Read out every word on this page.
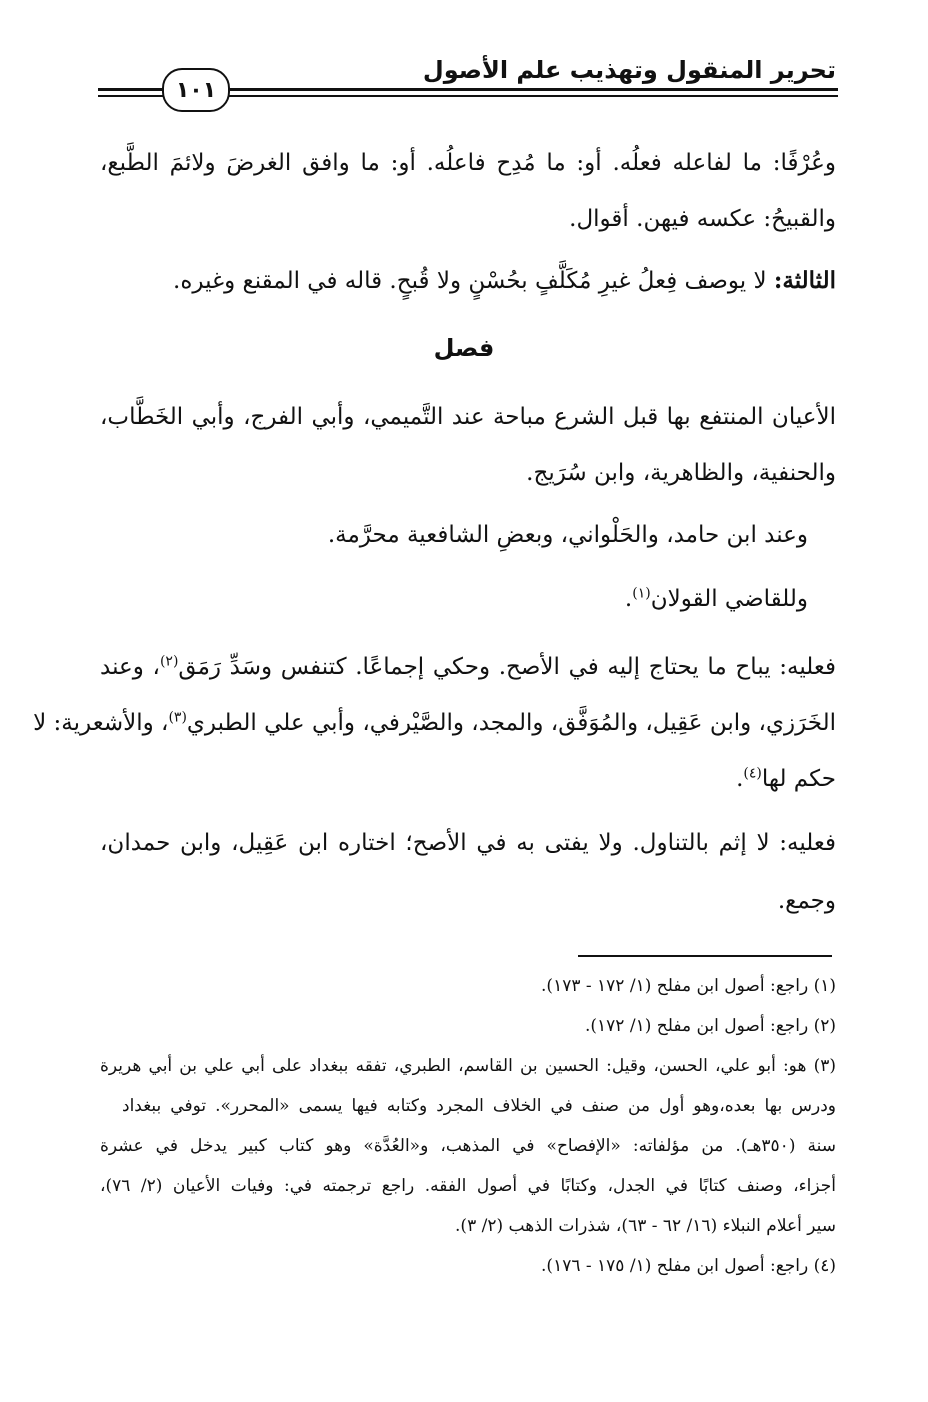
تحرير المنقول وتهذيب علم الأصول
١٠١
وعُرْفًا: ما لفاعله فعلُه. أو: ما مُدِح فاعلُه. أو: ما وافق الغرضَ ولائمَ الطَّبع،
والقبيحُ: عكسه فيهن. أقوال.
الثالثة: لا يوصف فِعلُ غيرِ مُكَلَّفٍ بحُسْنٍ ولا قُبحٍ. قاله في المقنع وغيره.
فصل
الأعيان المنتفع بها قبل الشرع مباحة عند التَّميمي، وأبي الفرج، وأبي الخَطَّاب،
والحنفية، والظاهرية، وابن سُرَيج.
وعند ابن حامد، والحَلْواني، وبعضِ الشافعية محرَّمة.
وللقاضي القولان$^{(١)}$.
فعليه: يباح ما يحتاج إليه في الأصح. وحكي إجماعًا. كتنفس وسَدِّ رَمَق$^{(٢)}$، وعند
الخَرَزي، وابن عَقِيل، والمُوَفَّق، والمجد، والصَّيْرفي، وأبي علي الطبري$^{(٣)}$، والأشعرية: لا
حكم لها$^{(٤)}$.
فعليه: لا إثم بالتناول. ولا يفتى به في الأصح؛ اختاره ابن عَقِيل، وابن حمدان،
وجمع.
(١) راجع: أصول ابن مفلح (١/ ١٧٢ - ١٧٣).
(٢) راجع: أصول ابن مفلح (١/ ١٧٢).
(٣) هو: أبو علي، الحسن، وقيل: الحسين بن القاسم، الطبري، تفقه ببغداد على أبي علي بن أبي هريرة
ودرس بها بعده،وهو أول من صنف في الخلاف المجرد وكتابه فيها يسمى «المحرر». توفي ببغداد
سنة (٣٥٠هـ). من مؤلفاته: «الإفصاح» في المذهب، و«العُدَّة» وهو كتاب كبير يدخل في عشرة
أجزاء، وصنف كتابًا في الجدل، وكتابًا في أصول الفقه. راجع ترجمته في: وفيات الأعيان (٢/ ٧٦)،
سير أعلام النبلاء (١٦/ ٦٢ - ٦٣)، شذرات الذهب (٢/ ٣).
(٤) راجع: أصول ابن مفلح (١/ ١٧٥ - ١٧٦).
